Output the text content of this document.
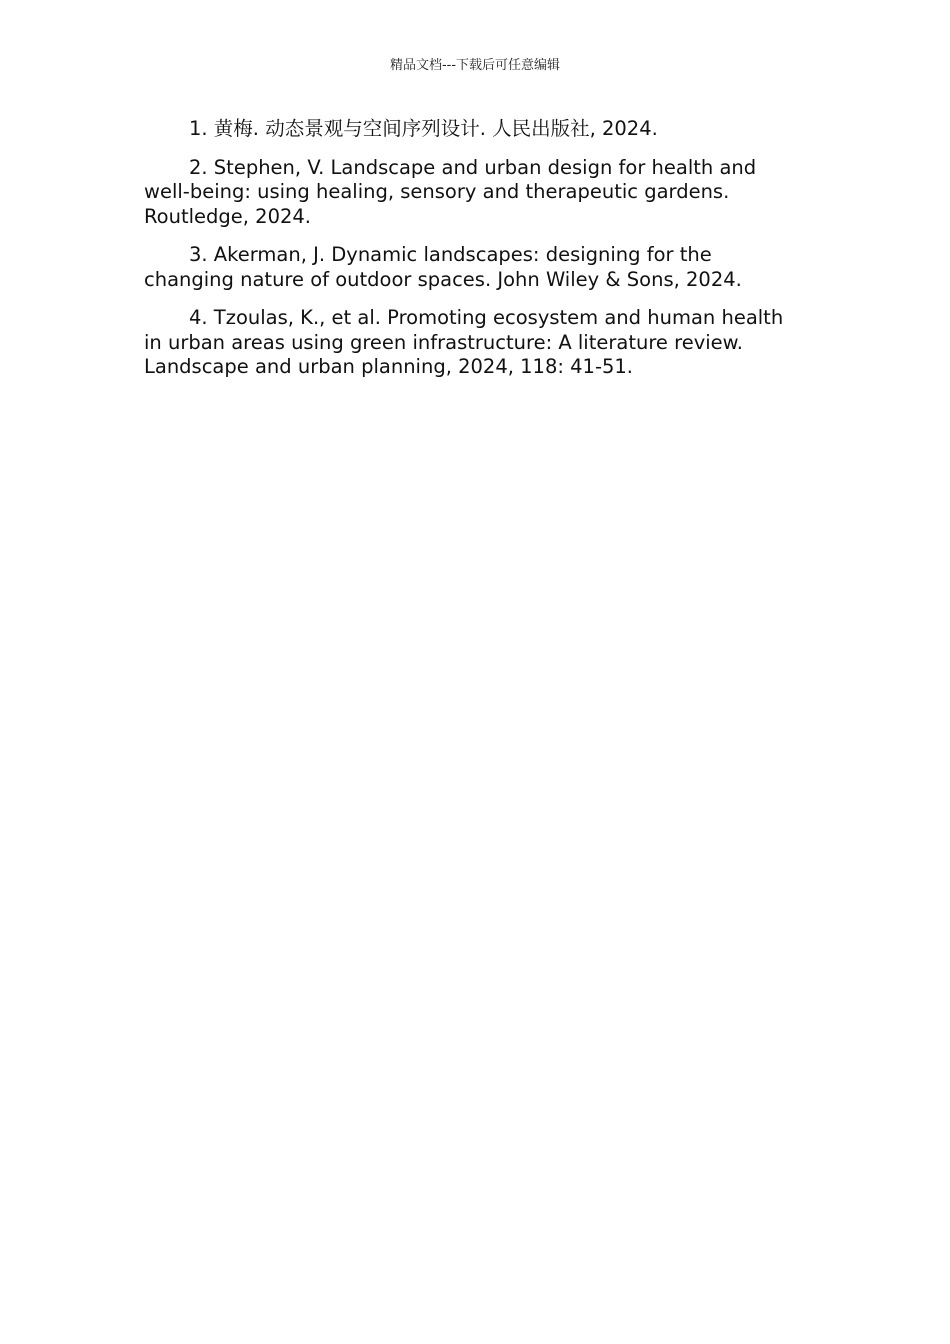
精品文档---下载后可任意编辑
1. 黄梅. 动态景观与空间序列设计. 人民出版社, 2024.
2. Stephen, V. Landscape and urban design for health and well-being: using healing, sensory and therapeutic gardens. Routledge, 2024.
3. Akerman, J. Dynamic landscapes: designing for the changing nature of outdoor spaces. John Wiley & Sons, 2024.
4. Tzoulas, K., et al. Promoting ecosystem and human health in urban areas using green infrastructure: A literature review. Landscape and urban planning, 2024, 118: 41-51.
